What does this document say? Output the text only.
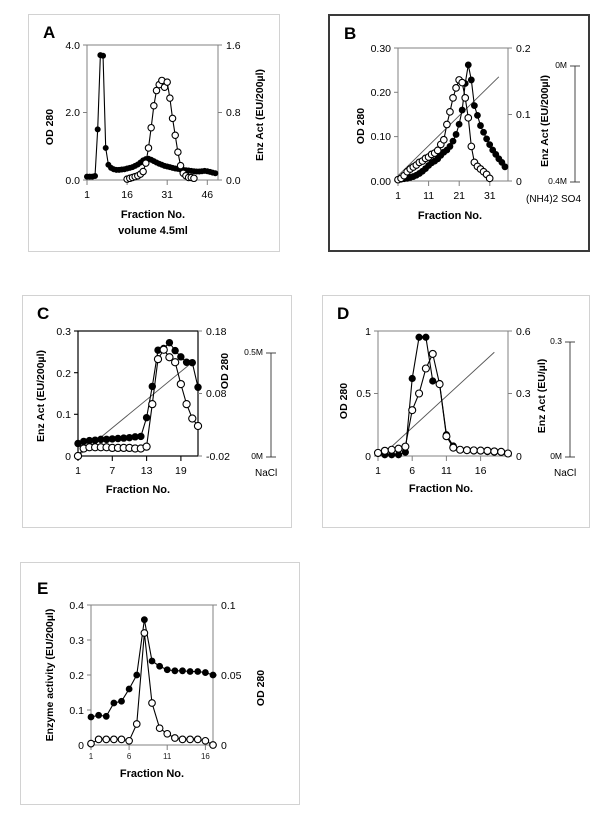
A
4.0
2.0
0.0
1.6
0.8
0.0
1	16	31	46
OD 280	Enz Act (EU/200µl)
Fraction No.
volume 4.5ml
B
0.30
0.20
0.10
0.00
0.2
0.1
0
1 11 21 31
OD 280	Enz Act (EU/200µl)
Fraction No.
0M
0.4M
(NH4)2 SO4
C
0.3
0.2
0.1
0
0.18
0.08
-0.02
1	7 13 19
Enz Act (EU/200µl)	OD 280
Fraction No.
0.5M
0M
NaCl
D
1
0.5
0
0.6
0.3
0
1	6 11 16
OD 280	Enz Act (EU/µl)
Fraction No.
0.3
0M
NaCl
E
0.4
0.3
0.2
0.1
0
0.1
0.05
0
1	6	11	16
Enzyme activity (EU/200µl)	OD 280
Fraction No.
